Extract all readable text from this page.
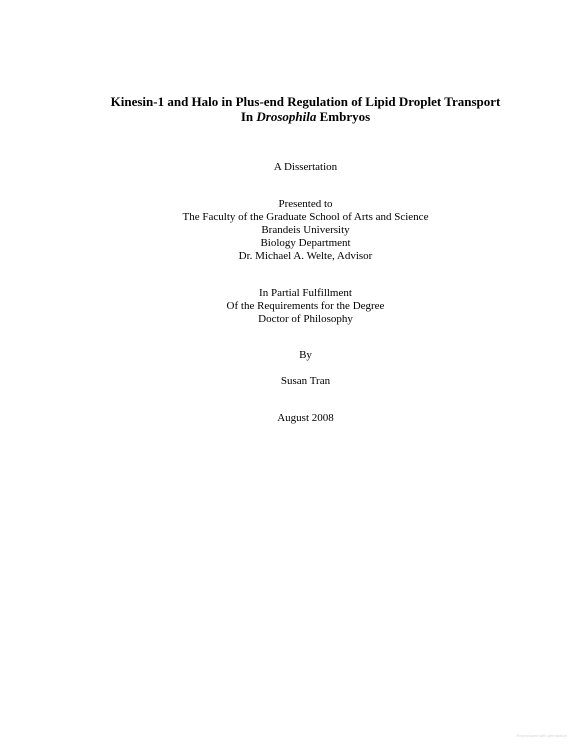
Kinesin-1 and Halo in Plus-end Regulation of Lipid Droplet Transport
In Drosophila Embryos
A Dissertation
Presented to
The Faculty of the Graduate School of Arts and Science
Brandeis University
Biology Department
Dr. Michael A. Welte, Advisor
In Partial Fulfillment
Of the Requirements for the Degree
Doctor of Philosophy
By
Susan Tran
August 2008
Reproduced with permission
